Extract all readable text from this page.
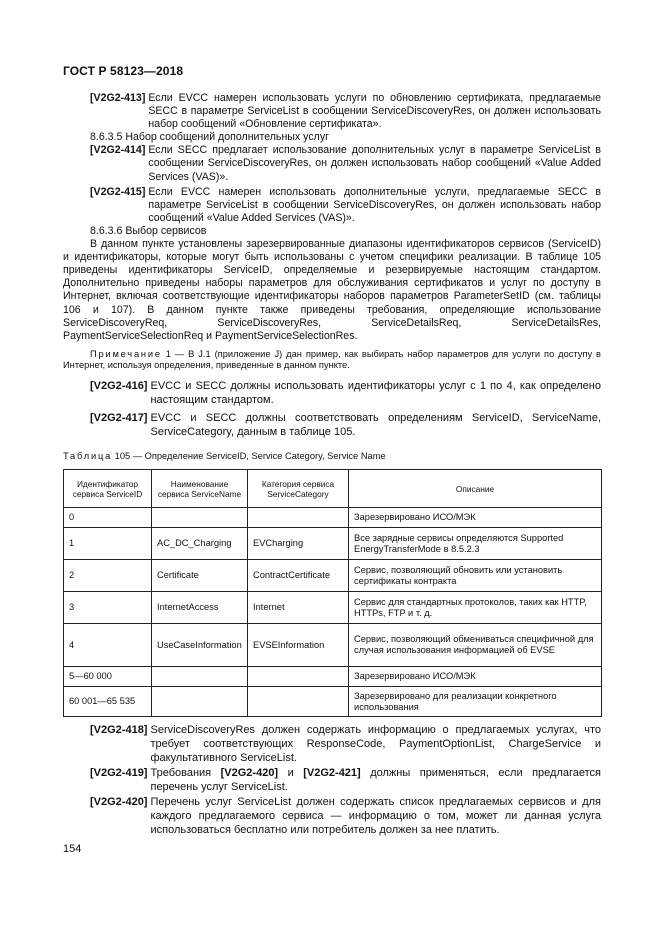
ГОСТ Р 58123—2018
[V2G2-413] Если EVCC намерен использовать услуги по обновлению сертификата, предлагаемые SECC в параметре ServiceList в сообщении ServiceDiscoveryRes, он должен использовать набор сообщений «Обновление сертификата».
8.6.3.5 Набор сообщений дополнительных услуг
[V2G2-414] Если SECC предлагает использование дополнительных услуг в параметре ServiceList в сообщении ServiceDiscoveryRes, он должен использовать набор сообщений «Value Added Services (VAS)».
[V2G2-415] Если EVCC намерен использовать дополнительные услуги, предлагаемые SECC в параметре ServiceList в сообщении ServiceDiscoveryRes, он должен использовать набор сообщений «Value Added Services (VAS)».
8.6.3.6 Выбор сервисов
В данном пункте установлены зарезервированные диапазоны идентификаторов сервисов (ServiceID) и идентификаторы, которые могут быть использованы с учетом специфики реализации. В таблице 105 приведены идентификаторы ServiceID, определяемые и резервируемые настоящим стандартом. Дополнительно приведены наборы параметров для обслуживания сертификатов и услуг по доступу в Интернет, включая соответствующие идентификаторы наборов параметров ParameterSetID (см. таблицы 106 и 107). В данном пункте также приведены требования, определяющие использование ServiceDiscoveryReq, ServiceDiscoveryRes, ServiceDetailsReq, ServiceDetailsRes, PaymentServiceSelectionReq и PaymentServiceSelectionRes.
Примечание 1 — В J.1 (приложение J) дан пример, как выбирать набор параметров для услуги по доступу в Интернет, используя определения, приведенные в данном пункте.
[V2G2-416] EVCC и SECC должны использовать идентификаторы услуг с 1 по 4, как определено настоящим стандартом.
[V2G2-417] EVCC и SECC должны соответствовать определениям ServiceID, ServiceName, ServiceCategory, данным в таблице 105.
Таблица 105 — Определение ServiceID, Service Category, Service Name
Идентификатор сервиса ServiceID	Наименование сервиса ServiceName	Категория сервиса ServiceCategory	Описание
0			Зарезервировано ИСО/МЭК
1	AC_DC_Charging	EVCharging	Все зарядные сервисы определяются Supported EnergyTransferMode в 8.5.2.3
2	Certificate	ContractCertificate	Сервис, позволяющий обновить или установить сертификаты контракта
3	InternetAccess	Internet	Сервис для стандартных протоколов, таких как HTTP, HTTPs, FTP и т. д.
4	UseCaseInformation	EVSEInformation	Сервис, позволяющий обмениваться специфичной для случая использования информацией об EVSE
5—60 000			Зарезервировано ИСО/МЭК
60 001—65 535			Зарезервировано для реализации конкретного использования
[V2G2-418] ServiceDiscoveryRes должен содержать информацию о предлагаемых услугах, что требует соответствующих ResponseCode, PaymentOptionList, ChargeService и факультативного ServiceList.
[V2G2-419] Требования [V2G2-420] и [V2G2-421] должны применяться, если предлагается перечень услуг ServiceList.
[V2G2-420] Перечень услуг ServiceList должен содержать список предлагаемых сервисов и для каждого предлагаемого сервиса — информацию о том, может ли данная услуга использоваться бесплатно или потребитель должен за нее платить.
154
